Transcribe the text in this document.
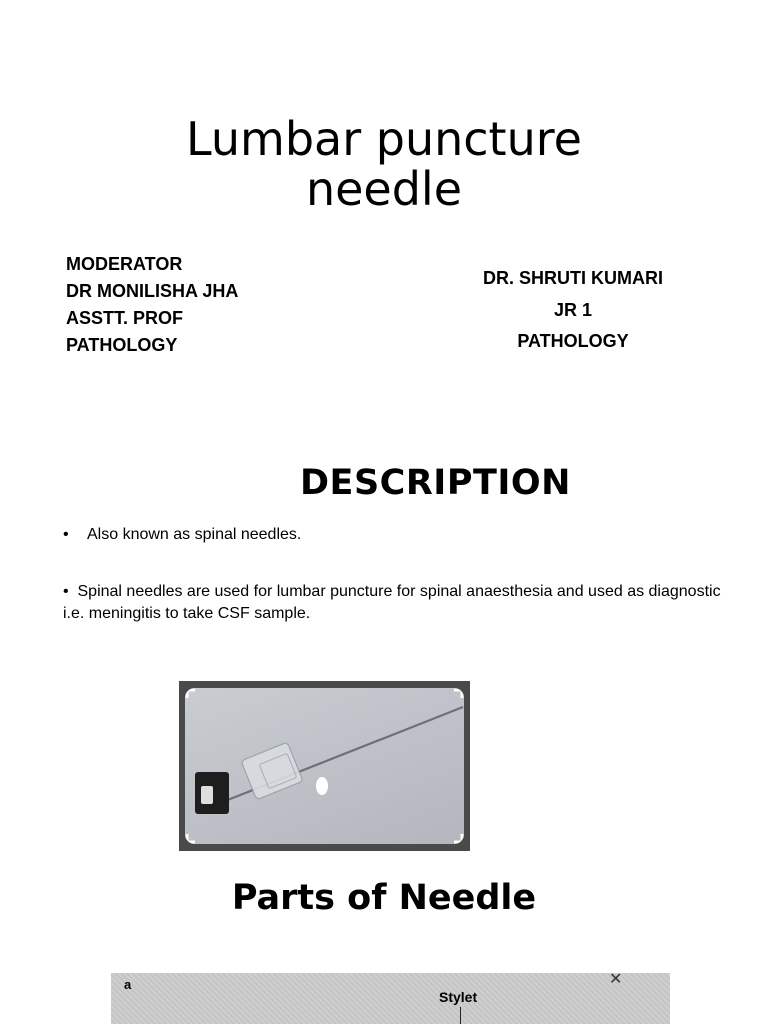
Lumbar puncture
needle
MODERATOR
DR MONILISHA JHA
ASSTT. PROF
PATHOLOGY
DR. SHRUTI KUMARI
JR 1
PATHOLOGY
DESCRIPTION
• Also known as spinal needles.
• Spinal needles are used for lumbar puncture for spinal anaesthesia and used as diagnostic i.e. meningitis to take CSF sample.
Parts of Needle
a
Stylet
✕
